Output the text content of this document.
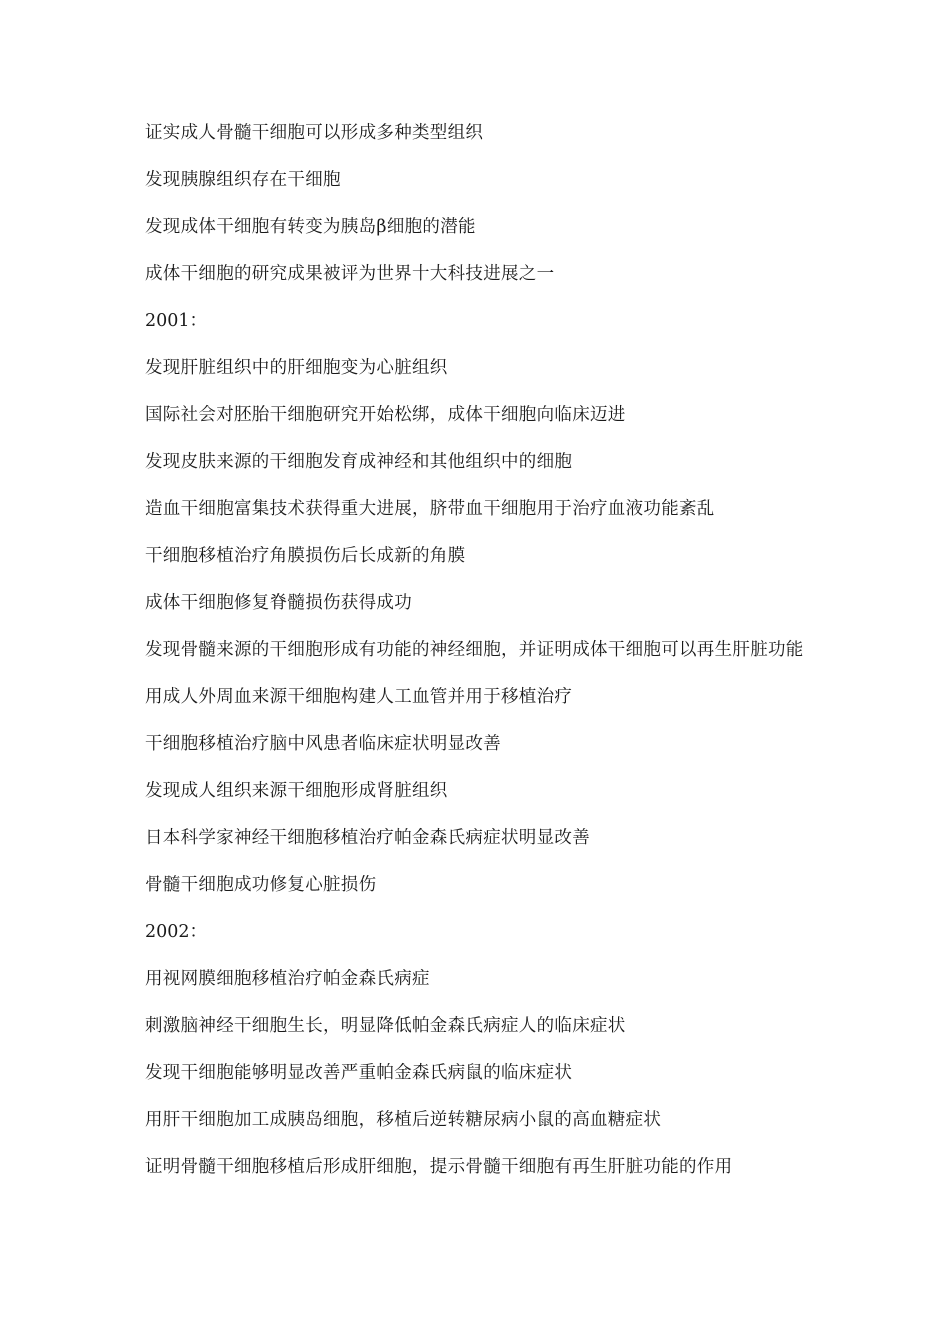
证实成人骨髓干细胞可以形成多种类型组织

发现胰腺组织存在干细胞

发现成体干细胞有转变为胰岛β细胞的潜能

成体干细胞的研究成果被评为世界十大科技进展之一

2001：

发现肝脏组织中的肝细胞变为心脏组织

国际社会对胚胎干细胞研究开始松绑，成体干细胞向临床迈进

发现皮肤来源的干细胞发育成神经和其他组织中的细胞

造血干细胞富集技术获得重大进展，脐带血干细胞用于治疗血液功能紊乱

干细胞移植治疗角膜损伤后长成新的角膜

成体干细胞修复脊髓损伤获得成功

发现骨髓来源的干细胞形成有功能的神经细胞，并证明成体干细胞可以再生肝脏功能

用成人外周血来源干细胞构建人工血管并用于移植治疗

干细胞移植治疗脑中风患者临床症状明显改善

发现成人组织来源干细胞形成肾脏组织

日本科学家神经干细胞移植治疗帕金森氏病症状明显改善

骨髓干细胞成功修复心脏损伤

2002：

用视网膜细胞移植治疗帕金森氏病症

刺激脑神经干细胞生长，明显降低帕金森氏病症人的临床症状

发现干细胞能够明显改善严重帕金森氏病鼠的临床症状

用肝干细胞加工成胰岛细胞，移植后逆转糖尿病小鼠的高血糖症状

证明骨髓干细胞移植后形成肝细胞，提示骨髓干细胞有再生肝脏功能的作用
